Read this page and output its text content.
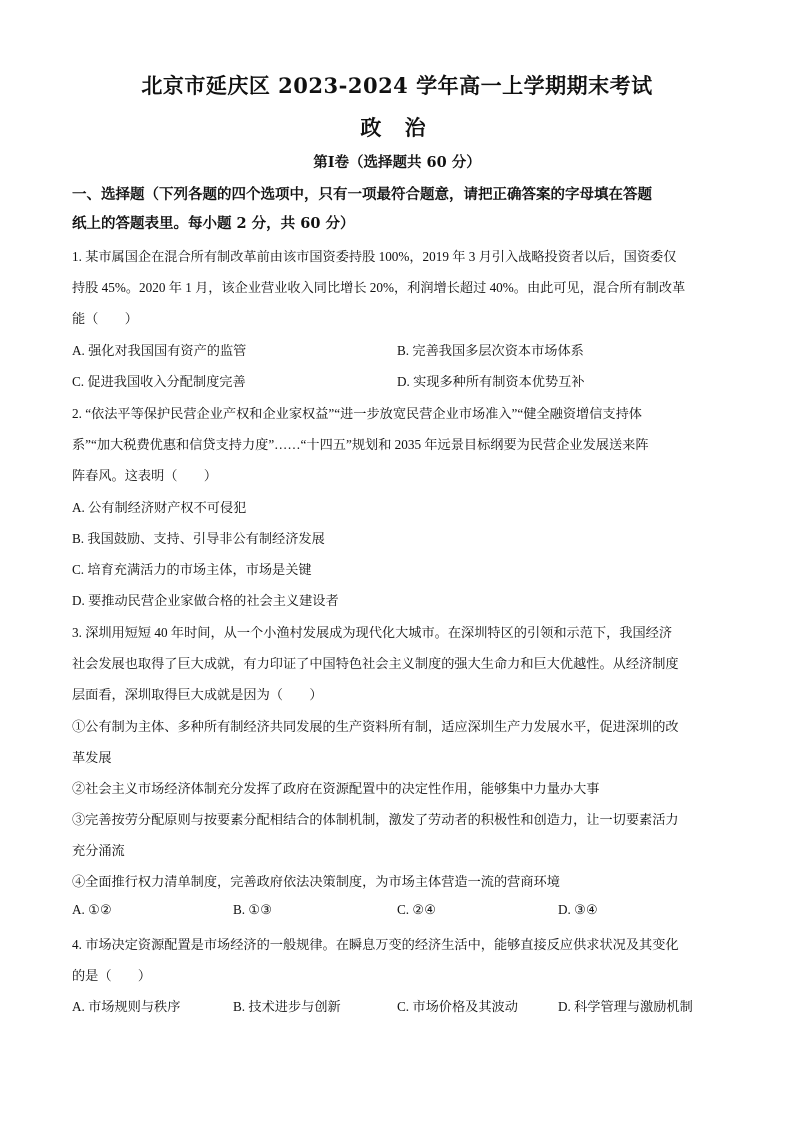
北京市延庆区 2023-2024 学年高一上学期期末考试
政 治
第Ⅰ卷（选择题共 60 分）
一、选择题（下列各题的四个选项中，只有一项最符合题意，请把正确答案的字母填在答题
纸上的答题表里。每小题 2 分，共 60 分）
1. 某市属国企在混合所有制改革前由该市国资委持股 100%，2019 年 3 月引入战略投资者以后，国资委仅
持股 45%。2020 年 1 月，该企业营业收入同比增长 20%，利润增长超过 40%。由此可见，混合所有制改革
能（　　）
A. 强化对我国国有资产的监管	B. 完善我国多层次资本市场体系
C. 促进我国收入分配制度完善	D. 实现多种所有制资本优势互补
2. “依法平等保护民营企业产权和企业家权益”“进一步放宽民营企业市场准入”“健全融资增信支持体
系”“加大税费优惠和信贷支持力度”……“十四五”规划和 2035 年远景目标纲要为民营企业发展送来阵
阵春风。这表明（　　）
A. 公有制经济财产权不可侵犯
B. 我国鼓励、支持、引导非公有制经济发展
C. 培育充满活力的市场主体，市场是关键
D. 要推动民营企业家做合格的社会主义建设者
3. 深圳用短短 40 年时间，从一个小渔村发展成为现代化大城市。在深圳特区的引领和示范下，我国经济
社会发展也取得了巨大成就，有力印证了中国特色社会主义制度的强大生命力和巨大优越性。从经济制度
层面看，深圳取得巨大成就是因为（　　）
①公有制为主体、多种所有制经济共同发展的生产资料所有制，适应深圳生产力发展水平，促进深圳的改
革发展
②社会主义市场经济体制充分发挥了政府在资源配置中的决定性作用，能够集中力量办大事
③完善按劳分配原则与按要素分配相结合的体制机制，激发了劳动者的积极性和创造力，让一切要素活力
充分涌流
④全面推行权力清单制度，完善政府依法决策制度，为市场主体营造一流的营商环境
A. ①②	B. ①③	C. ②④	D. ③④
4. 市场决定资源配置是市场经济的一般规律。在瞬息万变的经济生活中，能够直接反应供求状况及其变化
的是（　　）
A. 市场规则与秩序	B. 技术进步与创新	C. 市场价格及其波动	D. 科学管理与激励机制
